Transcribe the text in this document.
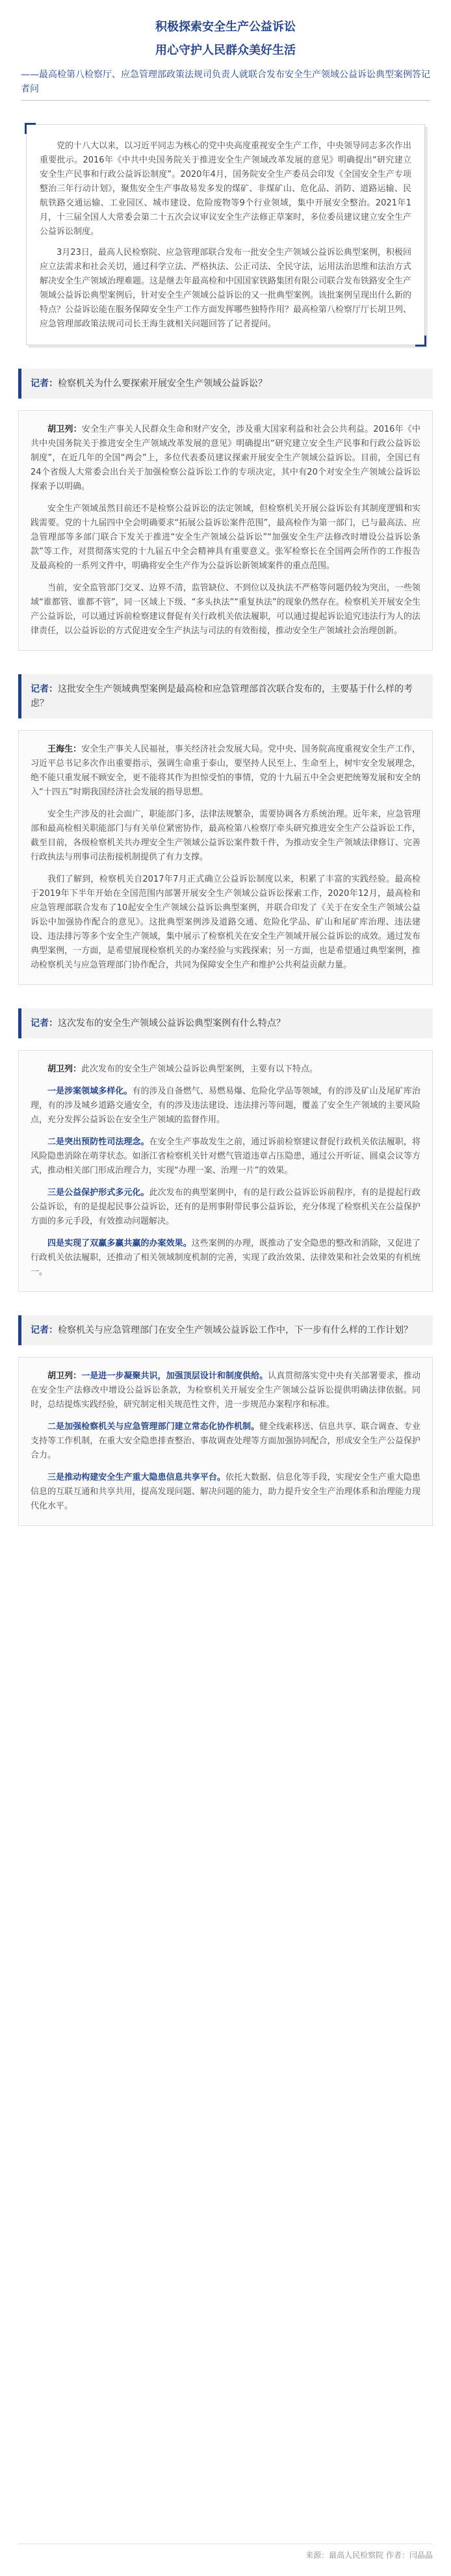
积极探索安全生产公益诉讼
用心守护人民群众美好生活
——最高检第八检察厅、应急管理部政策法规司负责人就联合发布安全生产领域公益诉讼典型案例答记者问

党的十八大以来，以习近平同志为核心的党中央高度重视安全生产工作，中央领导同志多次作出重要批示。2016年《中共中央国务院关于推进安全生产领域改革发展的意见》明确提出“研究建立安全生产民事和行政公益诉讼制度”。2020年4月，国务院安全生产委员会印发《全国安全生产专项整治三年行动计划》，聚焦安全生产事故易发多发的煤矿、非煤矿山、危化品、消防、道路运输、民航铁路交通运输、工业园区、城市建设、危险废物等9个行业领域，集中开展安全整治。2021年1月，十三届全国人大常委会第二十五次会议审议安全生产法修正草案时，多位委员建议建立安全生产公益诉讼制度。

3月23日，最高人民检察院、应急管理部联合发布一批安全生产领域公益诉讼典型案例，积极回应立法需求和社会关切，通过科学立法、严格执法、公正司法、全民守法，运用法治思维和法治方式解决安全生产领域治理难题。这是继去年最高检和中国国家铁路集团有限公司联合发布铁路安全生产领域公益诉讼典型案例后，针对安全生产领域公益诉讼的又一批典型案例。该批案例呈现出什么新的特点？公益诉讼能在服务保障安全生产工作方面发挥哪些独特作用？最高检第八检察厅厅长胡卫列、应急管理部政策法规司司长王海生就相关问题回答了记者提问。

记者：检察机关为什么要探索开展安全生产领域公益诉讼？

胡卫列：安全生产事关人民群众生命和财产安全，涉及重大国家利益和社会公共利益。2016年《中共中央国务院关于推进安全生产领域改革发展的意见》明确提出“研究建立安全生产民事和行政公益诉讼制度”，在近几年的全国“两会”上，多位代表委员建议探索开展安全生产领域公益诉讼。目前，全国已有24个省级人大常委会出台关于加强检察公益诉讼工作的专项决定，其中有20个对安全生产领域公益诉讼探索予以明确。

安全生产领域虽然目前还不是检察公益诉讼的法定领域，但检察机关开展公益诉讼有其制度逻辑和实践需要。党的十九届四中全会明确要求“拓展公益诉讼案件范围”，最高检作为第一部门，已与最高法、应急管理部等多部门联合下发关于推进“安全生产领域公益诉讼”“加强安全生产法修改时增设公益诉讼条款”等工作，对贯彻落实党的十九届五中全会精神具有重要意义。张军检察长在全国两会所作的工作报告及最高检的一系列文件中，明确将安全生产作为公益诉讼新领域案件的重点范围。

当前，安全监管部门交叉、边界不清，监管缺位、不到位以及执法不严格等问题仍较为突出，一些领域“谁都管、谁都不管”，同一区域上下级、“多头执法”“重复执法”的现象仍然存在。检察机关开展安全生产公益诉讼，可以通过诉前检察建议督促有关行政机关依法履职，可以通过提起诉讼追究违法行为人的法律责任，以公益诉讼的方式促进安全生产执法与司法的有效衔接，推动安全生产领域社会治理创新。

记者：这批安全生产领域典型案例是最高检和应急管理部首次联合发布的，主要基于什么样的考虑？

王海生：安全生产事关人民福祉，事关经济社会发展大局。党中央、国务院高度重视安全生产工作，习近平总书记多次作出重要指示，强调生命重于泰山，要坚持人民至上、生命至上，树牢安全发展理念，绝不能只重发展不顾安全，更不能将其作为担惊受怕的事情，党的十九届五中全会更把统筹发展和安全纳入“十四五”时期我国经济社会发展的指导思想。

安全生产涉及的社会面广，职能部门多，法律法规繁杂，需要协调各方系统治理。近年来，应急管理部和最高检相关职能部门与有关单位紧密协作，最高检第八检察厅牵头研究推进安全生产公益诉讼工作，截至目前，各级检察机关共办理安全生产领域公益诉讼案件数千件，为推动安全生产领域法律修订、完善行政执法与刑事司法衔接机制提供了有力支撑。

我们了解到，检察机关自2017年7月正式确立公益诉讼制度以来，积累了丰富的实践经验。最高检于2019年下半年开始在全国范围内部署开展安全生产领域公益诉讼探索工作，2020年12月，最高检和应急管理部联合发布了10起安全生产领域公益诉讼典型案例，并联合印发了《关于在安全生产领域公益诉讼中加强协作配合的意见》。这批典型案例涉及道路交通、危险化学品、矿山和尾矿库治理、违法建设、违法排污等多个安全生产领域，集中展示了检察机关在安全生产领域开展公益诉讼的成效。通过发布典型案例，一方面，是希望展现检察机关的办案经验与实践探索；另一方面，也是希望通过典型案例，推动检察机关与应急管理部门协作配合，共同为保障安全生产和维护公共利益贡献力量。

记者：这次发布的安全生产领域公益诉讼典型案例有什么特点？

胡卫列：此次发布的安全生产领域公益诉讼典型案例，主要有以下特点。

一是涉案领域多样化。有的涉及自备燃气、易燃易爆、危险化学品等领域，有的涉及矿山及尾矿库治理，有的涉及城乡道路交通安全，有的涉及违法建设、违法排污等问题，覆盖了安全生产领域的主要风险点，充分发挥公益诉讼在安全生产领域的监督作用。

二是突出预防性司法理念。在安全生产事故发生之前，通过诉前检察建议督促行政机关依法履职，将风险隐患消除在萌芽状态。如浙江省检察机关针对燃气管道违章占压隐患，通过公开听证、圆桌会议等方式，推动相关部门形成治理合力，实现“办理一案、治理一片”的效果。

三是公益保护形式多元化。此次发布的典型案例中，有的是行政公益诉讼诉前程序，有的是提起行政公益诉讼，有的是提起民事公益诉讼，还有的是刑事附带民事公益诉讼，充分体现了检察机关在公益保护方面的多元手段，有效推动问题解决。

四是实现了双赢多赢共赢的办案效果。这些案例的办理，既推动了安全隐患的整改和消除，又促进了行政机关依法履职，还推动了相关领域制度机制的完善，实现了政治效果、法律效果和社会效果的有机统一。

记者：检察机关与应急管理部门在安全生产领域公益诉讼工作中，下一步有什么样的工作计划？

胡卫列：一是进一步凝聚共识，加强顶层设计和制度供给。认真贯彻落实党中央有关部署要求，推动在安全生产法修改中增设公益诉讼条款，为检察机关开展安全生产领域公益诉讼提供明确法律依据。同时，总结提炼实践经验，研究制定相关规范性文件，进一步规范办案程序和标准。

二是加强检察机关与应急管理部门建立常态化协作机制。健全线索移送、信息共享、联合调查、专业支持等工作机制，在重大安全隐患排查整治、事故调查处理等方面加强协同配合，形成安全生产公益保护合力。

三是推动构建安全生产重大隐患信息共享平台。依托大数据、信息化等手段，实现安全生产重大隐患信息的互联互通和共享共用，提高发现问题、解决问题的能力，助力提升安全生产治理体系和治理能力现代化水平。

来源：最高人民检察院 作者：闫晶晶
